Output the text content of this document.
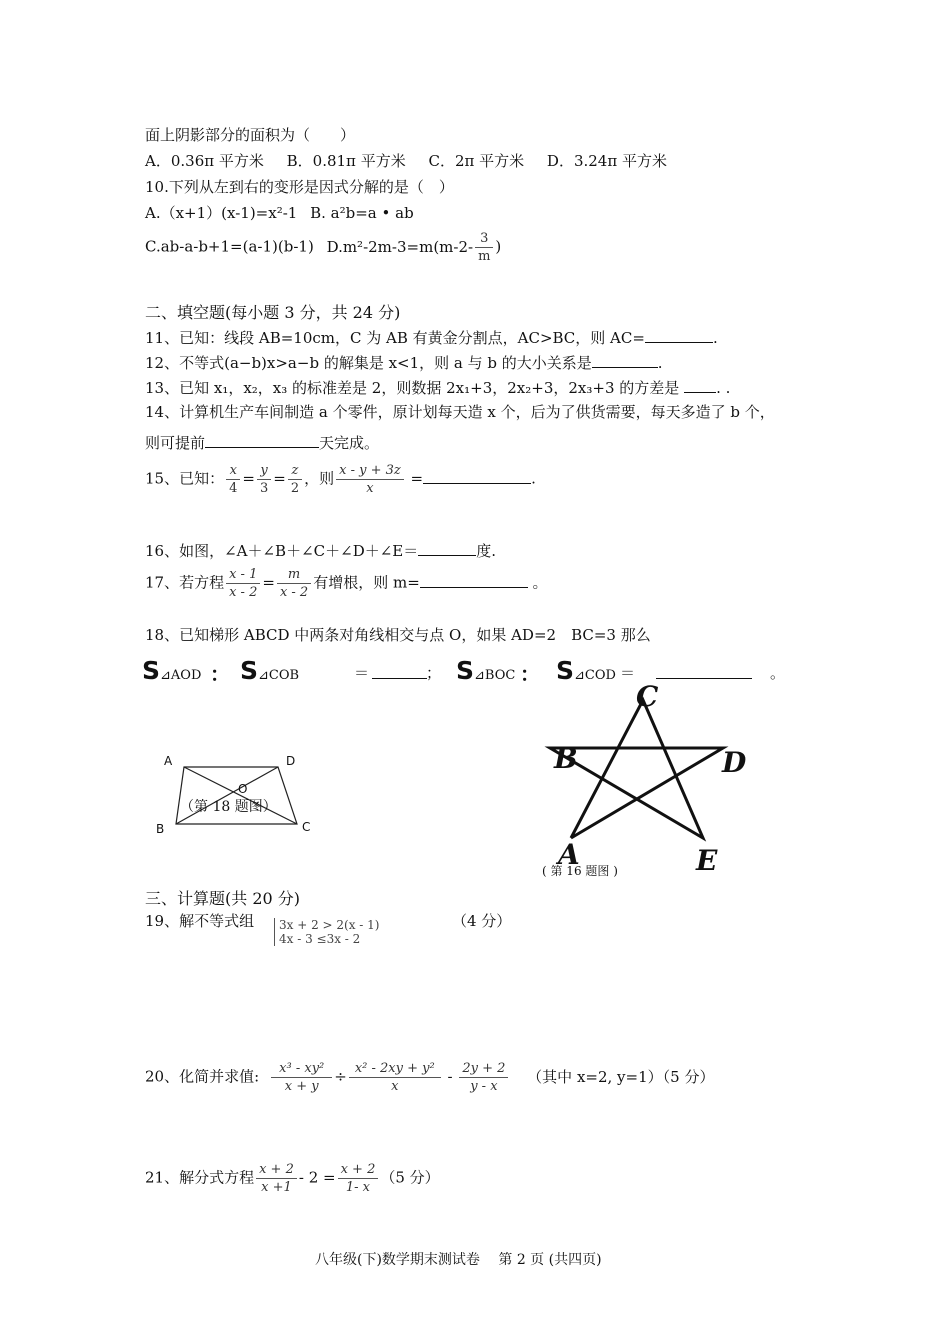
面上阴影部分的面积为（　　）
A．0.36π 平方米 B．0.81π 平方米 C．2π 平方米 D．3.24π 平方米
10.下列从左到右的变形是因式分解的是（　）
A.（x+1）(x-1)=x²-1 B. a²b=a • ab
C.ab-a-b+1=(a-1)(b-1) $D.m^2-2m-3=m(m-2- \frac{3}{m}$ )
二、填空题(每小题 3 分，共 24 分)
11、已知：线段 AB=10cm，C 为 AB 有黄金分割点，AC>BC，则 AC=	.
12、不等式(a−b)x>a−b 的解集是 x<1，则 a 与 b 的大小关系是	.
13、已知 x₁，x₂，x₃ 的标准差是 2，则数据 2x₁+3，2x₂+3，2x₃+3 的方差是 . .
14、计算机生产车间制造 a 个零件，原计划每天造 x 个，后为了供货需要，每天多造了 b 个，
则可提前	天完成。
15、已知： $\frac{x}{4} = \frac{y}{3} = \frac{z}{2}$ ，则 $\frac{x - y + 3z}{x}$ =	.
16、如图，∠A＋∠B＋∠C＋∠D＋∠E＝	度.
17、若方程 $\frac{x - 1}{x - 2} = \frac{m}{x - 2}$ 有增根，则 m=	。
18、已知梯形 ABCD 中两条对角线相交与点 O，如果 AD=2　BC=3 那么
S⊿AOD ： S⊿COB	＝	； S⊿BOC ： S⊿COD ＝	。
A	D
O
B	C
（第 18 题图）
C
B	D
A	E
( 第 16 题图 )
三、计算题(共 20 分)
19、解不等式组 3x + 2 > 2(x - 1)
4x - 3 ≤3x - 2
（4 分）
20、化简并求值: $\frac{\text{x³ - xy²}}{x + y} \div \frac{\text{x² - 2xy + y²}}{x} - \frac{2y + 2}{y - x}$ （其中 x=2, y=1）（5 分）
21、解分式方程 $\frac{x + 2}{x +1} - 2 = \frac{x + 2}{1- x} (5$ 分）
八年级(下)数学期末测试卷　 第 2 页 (共四页)
